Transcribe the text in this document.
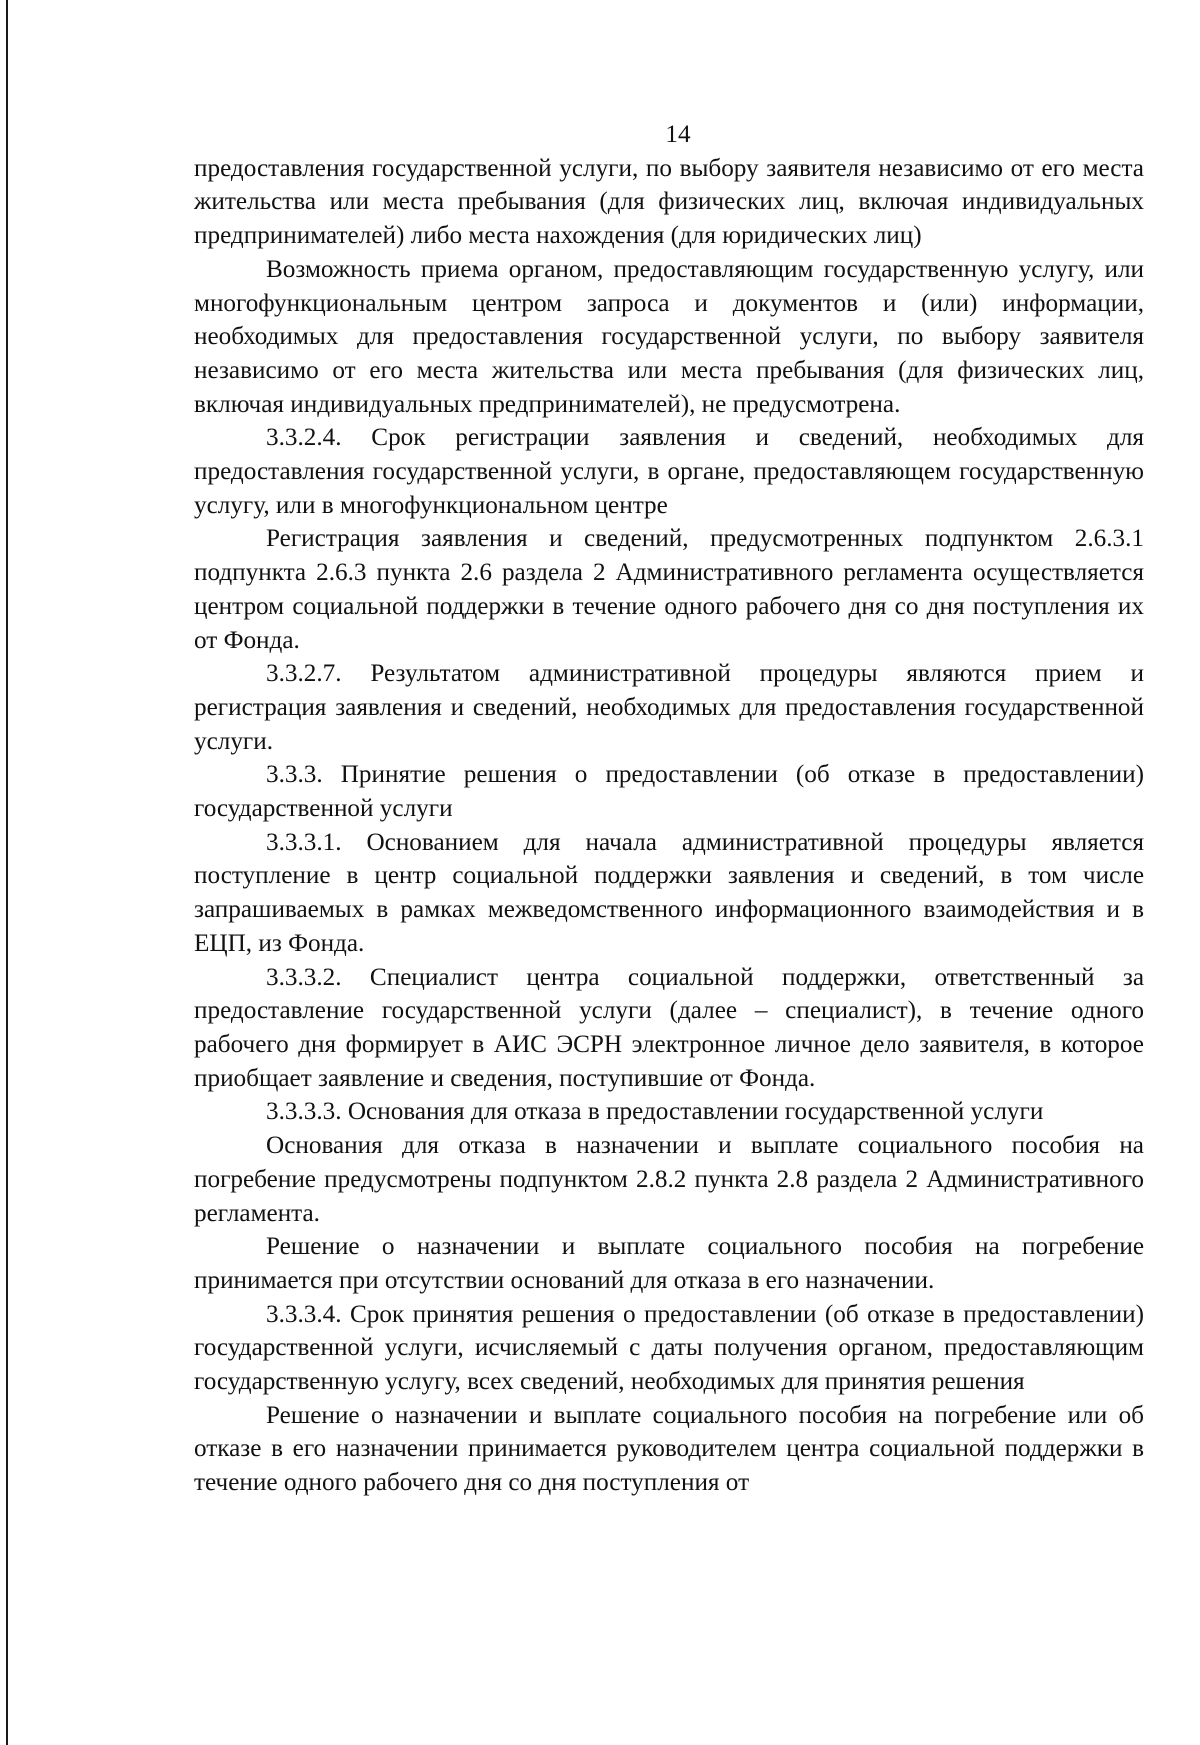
14

предоставления государственной услуги, по выбору заявителя независимо от его места жительства или места пребывания (для физических лиц, включая индивидуальных предпринимателей) либо места нахождения (для юридических лиц)

Возможность приема органом, предоставляющим государственную услугу, или многофункциональным центром запроса и документов и (или) информации, необходимых для предоставления государственной услуги, по выбору заявителя независимо от его места жительства или места пребывания (для физических лиц, включая индивидуальных предпринимателей), не предусмотрена.

3.3.2.4. Срок регистрации заявления и сведений, необходимых для предоставления государственной услуги, в органе, предоставляющем государственную услугу, или в многофункциональном центре

Регистрация заявления и сведений, предусмотренных подпунктом 2.6.3.1 подпункта 2.6.3 пункта 2.6 раздела 2 Административного регламента осуществляется центром социальной поддержки в течение одного рабочего дня со дня поступления их от Фонда.

3.3.2.7. Результатом административной процедуры являются прием и регистрация заявления и сведений, необходимых для предоставления государственной услуги.

3.3.3. Принятие решения о предоставлении (об отказе в предоставлении) государственной услуги

3.3.3.1. Основанием для начала административной процедуры является поступление в центр социальной поддержки заявления и сведений, в том числе запрашиваемых в рамках межведомственного информационного взаимодействия и в ЕЦП, из Фонда.

3.3.3.2. Специалист центра социальной поддержки, ответственный за предоставление государственной услуги (далее – специалист), в течение одного рабочего дня формирует в АИС ЭСРН электронное личное дело заявителя, в которое приобщает заявление и сведения, поступившие от Фонда.

3.3.3.3. Основания для отказа в предоставлении государственной услуги

Основания для отказа в назначении и выплате социального пособия на погребение предусмотрены подпунктом 2.8.2 пункта 2.8 раздела 2 Административного регламента.

Решение о назначении и выплате социального пособия на погребение принимается при отсутствии оснований для отказа в его назначении.

3.3.3.4. Срок принятия решения о предоставлении (об отказе в предоставлении) государственной услуги, исчисляемый с даты получения органом, предоставляющим государственную услугу, всех сведений, необходимых для принятия решения

Решение о назначении и выплате социального пособия на погребение или об отказе в его назначении принимается руководителем центра социальной поддержки в течение одного рабочего дня со дня поступления от
